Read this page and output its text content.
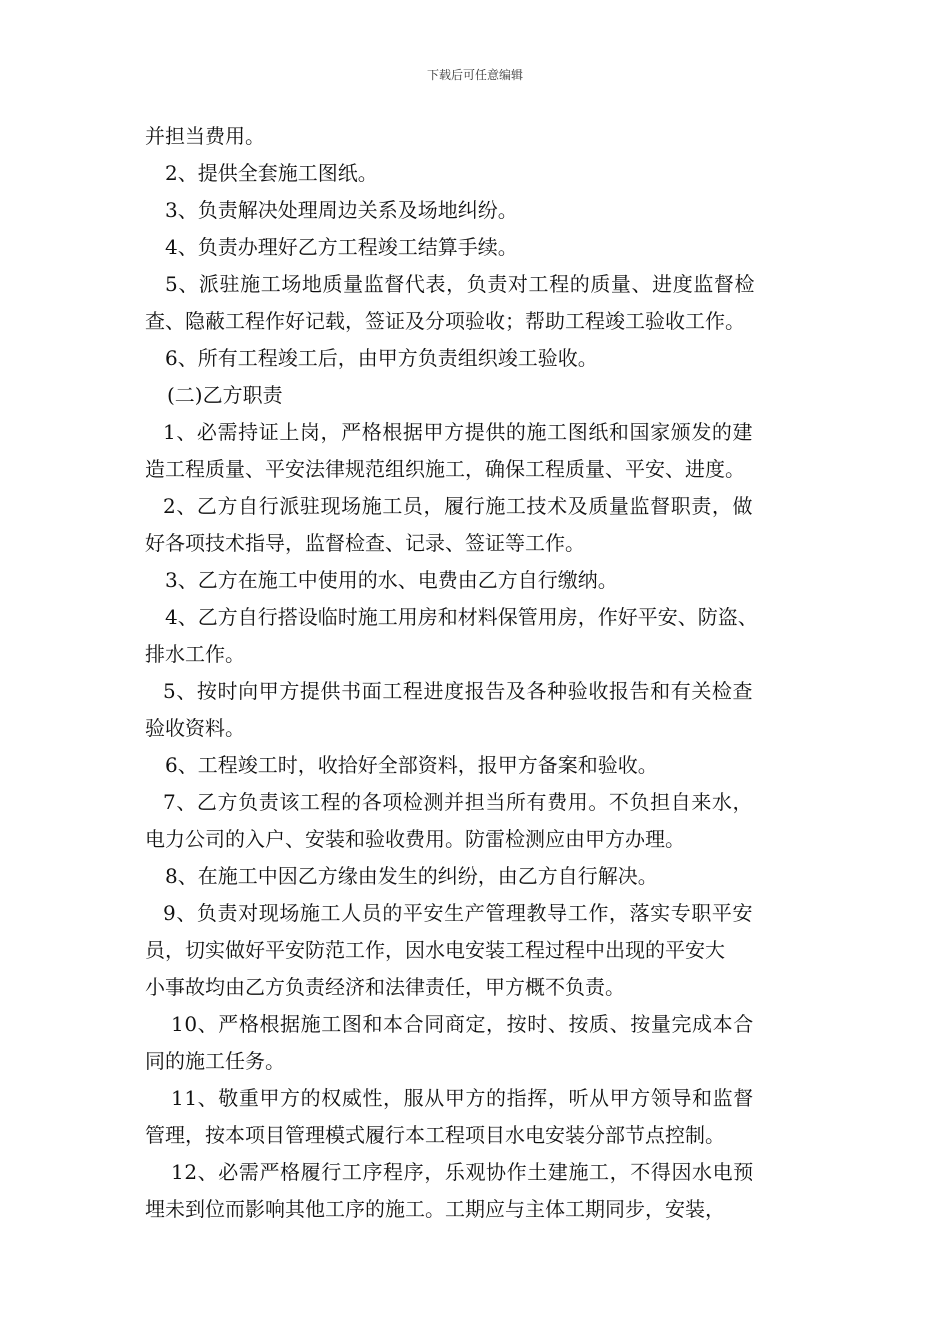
下载后可任意编辑
并担当费用。
2、提供全套施工图纸。
3、负责解决处理周边关系及场地纠纷。
4、负责办理好乙方工程竣工结算手续。
5、派驻施工场地质量监督代表，负责对工程的质量、进度监督检
查、隐蔽工程作好记载，签证及分项验收；帮助工程竣工验收工作。
6、所有工程竣工后，由甲方负责组织竣工验收。
(二)乙方职责
1、必需持证上岗，严格根据甲方提供的施工图纸和国家颁发的建
造工程质量、平安法律规范组织施工，确保工程质量、平安、进度。
2、乙方自行派驻现场施工员，履行施工技术及质量监督职责，做
好各项技术指导，监督检查、记录、签证等工作。
3、乙方在施工中使用的水、电费由乙方自行缴纳。
4、乙方自行搭设临时施工用房和材料保管用房，作好平安、防盗、
排水工作。
5、按时向甲方提供书面工程进度报告及各种验收报告和有关检查
验收资料。
6、工程竣工时，收拾好全部资料，报甲方备案和验收。
7、乙方负责该工程的各项检测并担当所有费用。不负担自来水，
电力公司的入户、安装和验收费用。防雷检测应由甲方办理。
8、在施工中因乙方缘由发生的纠纷，由乙方自行解决。
9、负责对现场施工人员的平安生产管理教导工作，落实专职平安
员，切实做好平安防范工作，因水电安装工程过程中出现的平安大
小事故均由乙方负责经济和法律责任，甲方概不负责。
10、严格根据施工图和本合同商定，按时、按质、按量完成本合
同的施工任务。
11、敬重甲方的权威性，服从甲方的指挥，听从甲方领导和监督
管理，按本项目管理模式履行本工程项目水电安装分部节点控制。
12、必需严格履行工序程序，乐观协作土建施工，不得因水电预
埋未到位而影响其他工序的施工。工期应与主体工期同步，安装，
